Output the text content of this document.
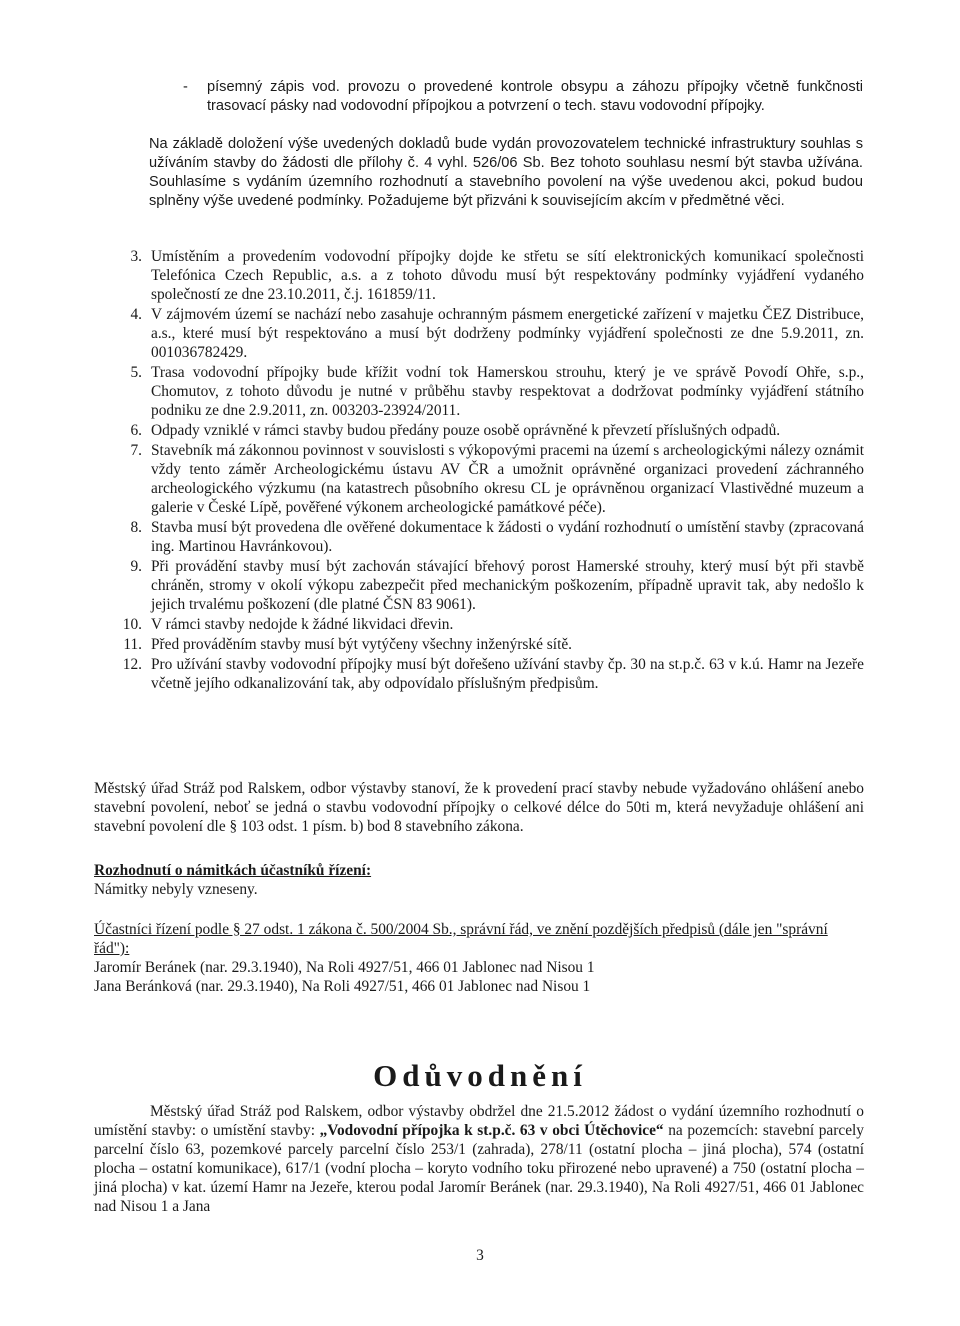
- písemný zápis vod. provozu o provedené kontrole obsypu a záhozu přípojky včetně funkčnosti trasovací pásky nad vodovodní přípojkou a potvrzení o tech. stavu vodovodní přípojky.
Na základě doložení výše uvedených dokladů bude vydán provozovatelem technické infrastruktury souhlas s užíváním stavby do žádosti dle přílohy č. 4 vyhl. 526/06 Sb. Bez tohoto souhlasu nesmí být stavba užívána. Souhlasíme s vydáním územního rozhodnutí a stavebního povolení na výše uvedenou akci, pokud budou splněny výše uvedené podmínky. Požadujeme být přizváni k souvisejícím akcím v předmětné věci.
3. Umístěním a provedením vodovodní přípojky dojde ke střetu se sítí elektronických komunikací společnosti Telefónica Czech Republic, a.s. a z tohoto důvodu musí být respektovány podmínky vyjádření vydaného společností ze dne 23.10.2011, č.j. 161859/11.
4. V zájmovém území se nachází nebo zasahuje ochranným pásmem energetické zařízení v majetku ČEZ Distribuce, a.s., které musí být respektováno a musí být dodrženy podmínky vyjádření společnosti ze dne 5.9.2011, zn. 001036782429.
5. Trasa vodovodní přípojky bude křížit vodní tok Hamerskou strouhu, který je ve správě Povodí Ohře, s.p., Chomutov, z tohoto důvodu je nutné v průběhu stavby respektovat a dodržovat podmínky vyjádření státního podniku ze dne 2.9.2011, zn. 003203-23924/2011.
6. Odpady vzniklé v rámci stavby budou předány pouze osobě oprávněné k převzetí příslušných odpadů.
7. Stavebník má zákonnou povinnost v souvislosti s výkopovými pracemi na území s archeologickými nálezy oznámit vždy tento záměr Archeologickému ústavu AV ČR a umožnit oprávněné organizaci provedení záchranného archeologického výzkumu (na katastrech působního okresu CL je oprávněnou organizací Vlastivědné muzeum a galerie v České Lípě, pověřené výkonem archeologické památkové péče).
8. Stavba musí být provedena dle ověřené dokumentace k žádosti o vydání rozhodnutí o umístění stavby (zpracovaná ing. Martinou Havránkovou).
9. Při provádění stavby musí být zachován stávající břehový porost Hamerské strouhy, který musí být při stavbě chráněn, stromy v okolí výkopu zabezpečit před mechanickým poškozením, případně upravit tak, aby nedošlo k jejich trvalému poškození (dle platné ČSN 83 9061).
10. V rámci stavby nedojde k žádné likvidaci dřevin.
11. Před prováděním stavby musí být vytýčeny všechny inženýrské sítě.
12. Pro užívání stavby vodovodní přípojky musí být dořešeno užívání stavby čp. 30 na st.p.č. 63 v k.ú. Hamr na Jezeře včetně jejího odkanalizování tak, aby odpovídalo příslušným předpisům.
Městský úřad Stráž pod Ralskem, odbor výstavby stanoví, že k provedení prací stavby nebude vyžadováno ohlášení anebo stavební povolení, neboť se jedná o stavbu vodovodní přípojky o celkové délce do 50ti m, která nevyžaduje ohlášení ani stavební povolení dle § 103 odst. 1 písm. b) bod 8 stavebního zákona.
Rozhodnutí o námitkách účastníků řízení:
Námitky nebyly vzneseny.
Účastníci řízení podle § 27 odst. 1 zákona č. 500/2004 Sb., správní řád, ve znění pozdějších předpisů (dále jen "správní řád"):
Jaromír Beránek (nar. 29.3.1940), Na Roli 4927/51, 466 01 Jablonec nad Nisou 1
Jana Beránková (nar. 29.3.1940), Na Roli 4927/51, 466 01 Jablonec nad Nisou 1
Odůvodnění
Městský úřad Stráž pod Ralskem, odbor výstavby obdržel dne 21.5.2012 žádost o vydání územního rozhodnutí o umístění stavby: o umístění stavby: „Vodovodní přípojka k st.p.č. 63 v obci Útěchovice“ na pozemcích: stavební parcely parcelní číslo 63, pozemkové parcely parcelní číslo 253/1 (zahrada), 278/11 (ostatní plocha – jiná plocha), 574 (ostatní plocha – ostatní komunikace), 617/1 (vodní plocha – koryto vodního toku přirozené nebo upravené) a 750 (ostatní plocha – jiná plocha) v kat. území Hamr na Jezeře, kterou podal Jaromír Beránek (nar. 29.3.1940), Na Roli 4927/51, 466 01 Jablonec nad Nisou 1 a Jana
3
